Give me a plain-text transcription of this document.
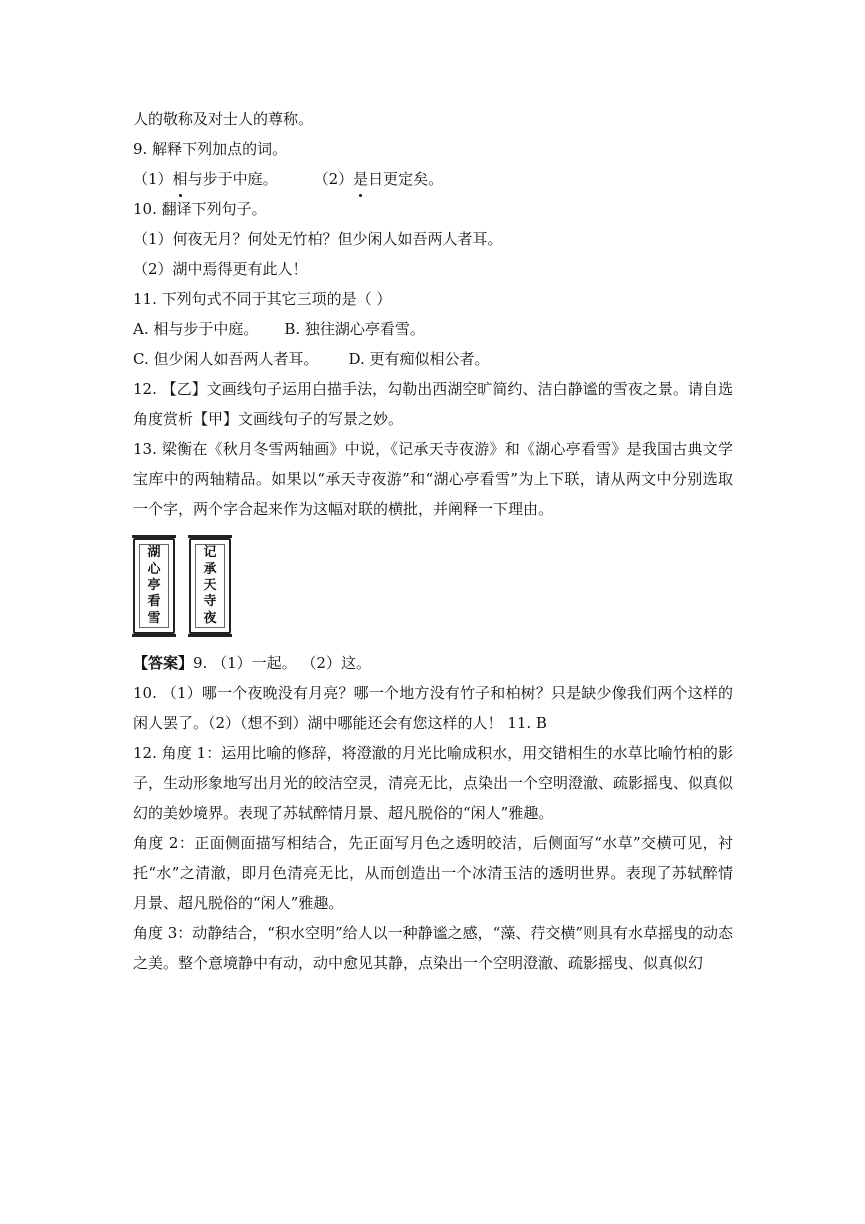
人的敬称及对士人的尊称。

9. 解释下列加点的词。

（1）相与步于中庭。 （2）是日更定矣。

10. 翻译下列句子。

（1）何夜无月？何处无竹柏？但少闲人如吾两人者耳。

（2）湖中焉得更有此人！

11. 下列句式不同于其它三项的是（ ）

A. 相与步于中庭。 B. 独往湖心亭看雪。

C. 但少闲人如吾两人者耳。 D. 更有痴似相公者。

12. 【乙】文画线句子运用白描手法，勾勒出西湖空旷简约、洁白静谧的雪夜之景。请自选角度赏析【甲】文画线句子的写景之妙。

13. 梁衡在《秋月冬雪两轴画》中说，《记承天寺夜游》和《湖心亭看雪》是我国古典文学宝库中的两轴精品。如果以“承天寺夜游”和“湖心亭看雪”为上下联，请从两文中分别选取一个字，两个字合起来作为这幅对联的横批，并阐释一下理由。

湖
心
亭
看
雪
记
承
天
寺
夜

【答案】9. （1）一起。 （2）这。

10. （1）哪一个夜晚没有月亮？哪一个地方没有竹子和柏树？只是缺少像我们两个这样的闲人罢了。（2）（想不到）湖中哪能还会有您这样的人！ 11. B

12. 角度 1：运用比喻的修辞，将澄澈的月光比喻成积水，用交错相生的水草比喻竹柏的影子，生动形象地写出月光的皎洁空灵，清亮无比，点染出一个空明澄澈、疏影摇曳、似真似幻的美妙境界。表现了苏轼醉情月景、超凡脱俗的“闲人”雅趣。

角度 2：正面侧面描写相结合，先正面写月色之透明皎洁，后侧面写“水草”交横可见，衬托“水”之清澈，即月色清亮无比，从而创造出一个冰清玉洁的透明世界。表现了苏轼醉情月景、超凡脱俗的“闲人”雅趣。

角度 3：动静结合，“积水空明”给人以一种静谧之感，“藻、荇交横”则具有水草摇曳的动态之美。整个意境静中有动，动中愈见其静，点染出一个空明澄澈、疏影摇曳、似真似幻
